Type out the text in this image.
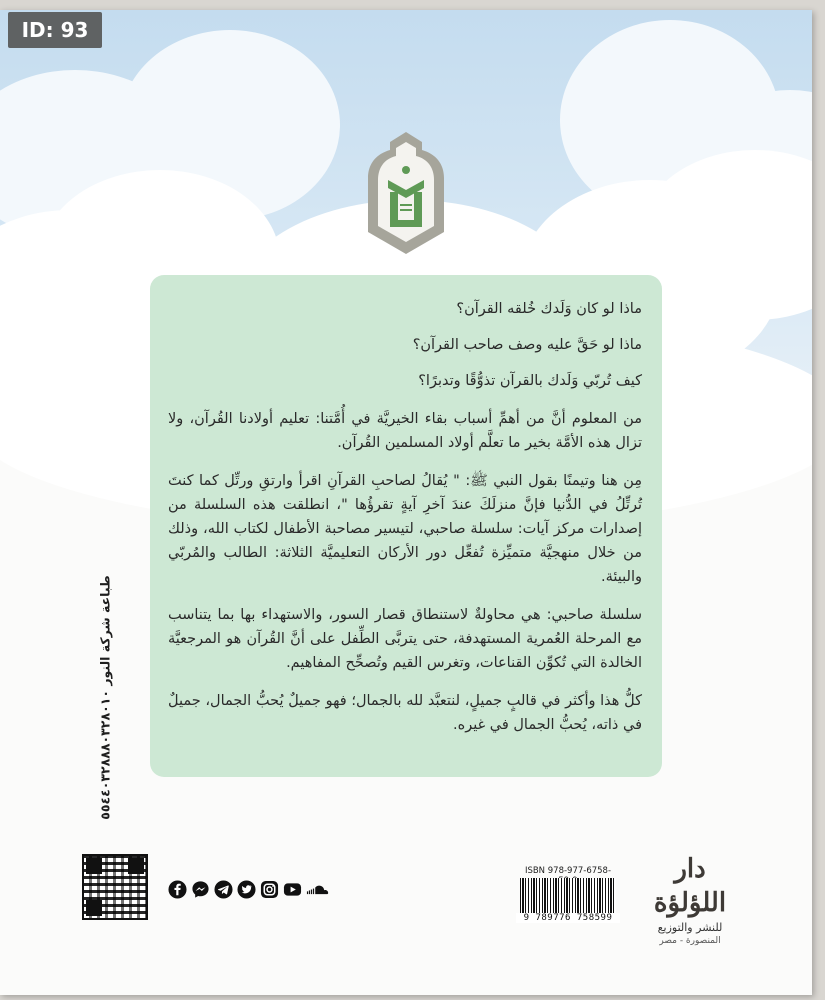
ID: 93

ماذا لو كان وَلَدك خُلقه القرآن؟

ماذا لو حَقَّ عليه وصف صاحب القرآن؟

كيف تُربّي وَلَدك بالقرآن تذوُّقًا وتدبرًا؟

من المعلوم أنَّ من أهمِّ أسباب بقاء الخيريَّة في أُمَّتنا: تعليم أولادنا القُرآن، ولا تزال هذه الأمَّة بخير ما تعلَّم أولاد المسلمين القُرآن.

مِن هنا وتيمنًا بقول النبي ﷺ: " يُقالُ لصاحبِ القرآنِ اقرأ وارتقِ ورتِّل كما كنتَ تُرتِّلُ في الدُّنيا فإنَّ منزلَكَ عندَ آخرِ آيةٍ تقرؤُها "، انطلقت هذه السلسلة من إصدارات مركز آيات: سلسلة صاحبي، لتيسير مصاحبة الأطفال لكتاب الله، وذلك من خلال منهجيَّة متميِّزة تُفعِّل دور الأركان التعليميَّة الثلاثة: الطالب والمُربّي والبيئة.

سلسلة صاحبي: هي محاولةٌ لاستنطاق قصار السور، والاستهداء بها بما يتناسب مع المرحلة العُمرية المستهدفة، حتى يتربَّى الطِّفل على أنَّ القُرآن هو المرجعيَّة الخالدة التي تُكوِّن القناعات، وتغرس القيم وتُصحِّح المفاهيم.

كلُّ هذا وأكثر في قالبٍ جميلٍ، لنتعبَّد لله بالجمال؛ فهو جميلٌ يُحبُّ الجمال، جميلٌ في ذاته، يُحبُّ الجمال في غيره.

طباعة شركة النور ٥٥٤٤٠٣٢٨٨٨٠٣٢٨٠١٠
ISBN 978-977-6758-
9 789776 758599
دار اللؤلؤة
للنشر والتوزيع
المنصورة - مصر
